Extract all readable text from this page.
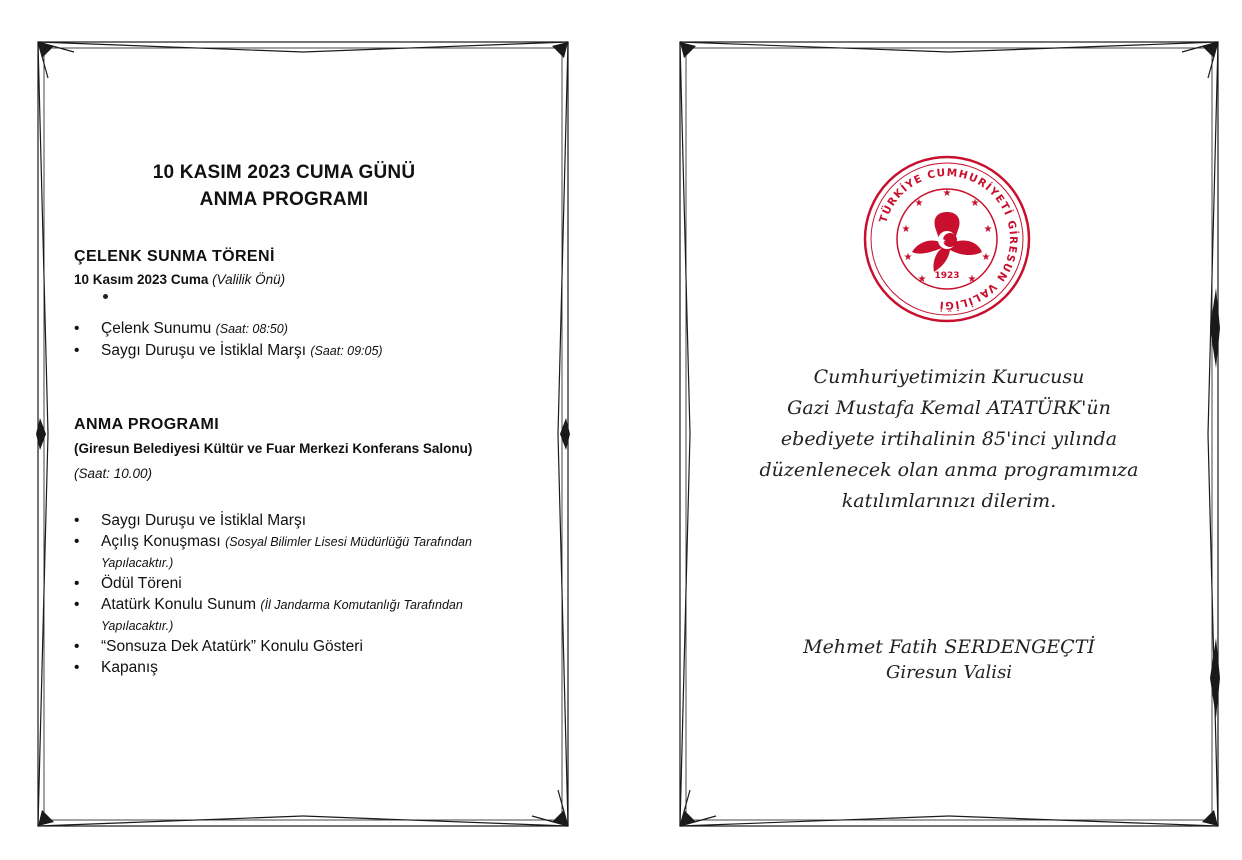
10 KASIM 2023 CUMA GÜNÜ
ANMA PROGRAMI
ÇELENK SUNMA TÖRENİ
10 Kasım 2023 Cuma (Valilik Önü)
• Çelenk Sunumu (Saat: 08:50)
• Saygı Duruşu ve İstiklal Marşı (Saat: 09:05)
ANMA PROGRAMI
(Giresun Belediyesi Kültür ve Fuar Merkezi Konferans Salonu)
(Saat: 10.00)
• Saygı Duruşu ve İstiklal Marşı
• Açılış Konuşması (Sosyal Bilimler Lisesi Müdürlüğü Tarafından
Yapılacaktır.)
• Ödül Töreni
• Atatürk Konulu Sunum (İl Jandarma Komutanlığı Tarafından
Yapılacaktır.)
• “Sonsuza Dek Atatürk” Konulu Gösteri
• Kapanış
TÜRKİYE CUMHURİYETİ GİRESUN VALİLİĞİ
★
★	★
★	★
★	★
★	★
★
1923

Cumhuriyetimizin Kurucusu

Gazi Mustafa Kemal ATATÜRK'ün

ebediyete irtihalinin 85'inci yılında

düzenlenecek olan anma programımıza

katılımlarınızı dilerim.

Mehmet Fatih SERDENGEÇTİ
Giresun Valisi
